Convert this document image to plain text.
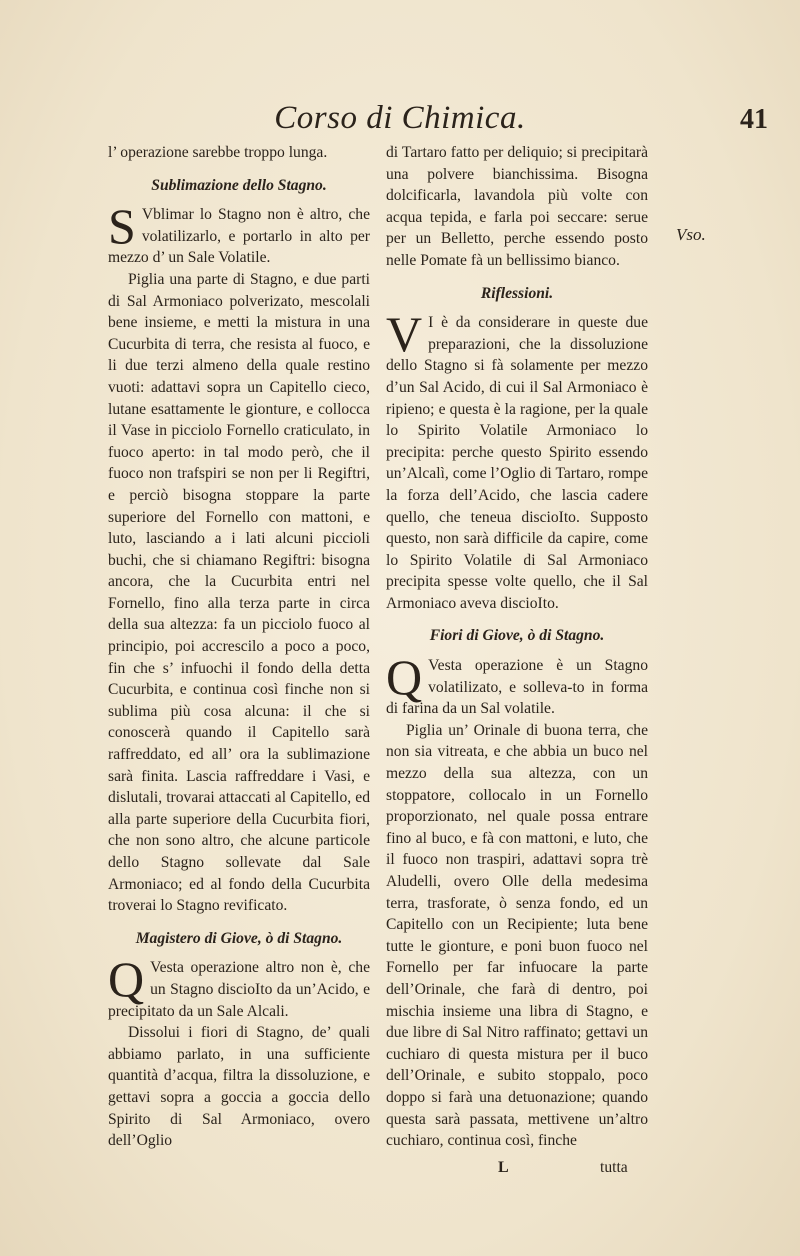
Corso di Chimica.	41
Vso.

l’ operazione sarebbe troppo lunga.

Sublimazione dello Stagno.

S Vblimar lo Stagno non è altro, che volatilizarlo, e portarlo in alto per mezzo d’ un Sale Volatile.

Piglia una parte di Stagno, e due parti di Sal Armoniaco polverizato, mescolali bene insieme, e metti la mistura in una Cucurbita di terra, che resista al fuoco, e li due terzi almeno della quale restino vuoti: adattavi sopra un Capitello cieco, lutane esattamente le gionture, e collocca il Vase in picciolo Fornello craticulato, in fuoco aperto: in tal modo però, che il fuoco non trafspiri se non per li Regiftri, e perciò bisogna stoppare la parte superiore del Fornello con mattoni, e luto, lasciando a i lati alcuni piccioli buchi, che si chiamano Regiftri: bisogna ancora, che la Cucurbita entri nel Fornello, fino alla terza parte in circa della sua altezza: fa un picciolo fuoco al principio, poi accrescilo a poco a poco, fin che s’ infuochi il fondo della detta Cucurbita, e continua così finche non si sublima più cosa alcuna: il che si conoscerà quando il Capitello sarà raffreddato, ed all’ ora la sublimazione sarà finita. Lascia raffreddare i Vasi, e dislutali, trovarai attaccati al Capitello, ed alla parte superiore della Cucurbita fiori, che non sono altro, che alcune particole dello Stagno sollevate dal Sale Armoniaco; ed al fondo della Cucurbita troverai lo Stagno revificato.

Magistero di Giove, ò di Stagno.

Q Vesta operazione altro non è, che un Stagno discioIto da un’Acido, e precipitato da un Sale Alcali.

Dissolui i fiori di Stagno, de’ quali abbiamo parlato, in una sufficiente quantità d’acqua, filtra la dissoluzione, e gettavi sopra a goccia a goccia dello Spirito di Sal Armoniaco, overo dell’Oglio

di Tartaro fatto per deliquio; si precipitarà una polvere bianchissima. Bisogna dolcificarla, lavandola più volte con acqua tepida, e farla poi seccare: serue per un Belletto, perche essendo posto nelle Pomate fà un bellissimo bianco.

Riflessioni.

V I è da considerare in queste due preparazioni, che la dissoluzione dello Stagno si fà solamente per mezzo d’un Sal Acido, di cui il Sal Armoniaco è ripieno; e questa è la ragione, per la quale lo Spirito Volatile Armoniaco lo precipita: perche questo Spirito essendo un’Alcalì, come l’Oglio di Tartaro, rompe la forza dell’Acido, che lascia cadere quello, che teneua discioIto. Supposto questo, non sarà difficile da capire, come lo Spirito Volatile di Sal Armoniaco precipita spesse volte quello, che il Sal Armoniaco aveva discioIto.

Fiori di Giove, ò di Stagno.

Q Vesta operazione è un Stagno volatilizato, e solleva-to in forma di farina da un Sal volatile.

Piglia un’ Orinale di buona terra, che non sia vitreata, e che abbia un buco nel mezzo della sua altezza, con un stoppatore, collocalo in un Fornello proporzionato, nel quale possa entrare fino al buco, e fà con mattoni, e luto, che il fuoco non traspiri, adattavi sopra trè Aludelli, overo Olle della medesima terra, trasforate, ò senza fondo, ed un Capitello con un Recipiente; luta bene tutte le gionture, e poni buon fuoco nel Fornello per far infuocare la parte dell’Orinale, che farà di dentro, poi mischia insieme una libra di Stagno, e due libre di Sal Nitro raffinato; gettavi un cuchiaro di questa mistura per il buco dell’Orinale, e subito stoppalo, poco doppo si farà una detuonazione; quando questa sarà passata, mettivene un’altro cuchiaro, continua così, finche

L	tutta
